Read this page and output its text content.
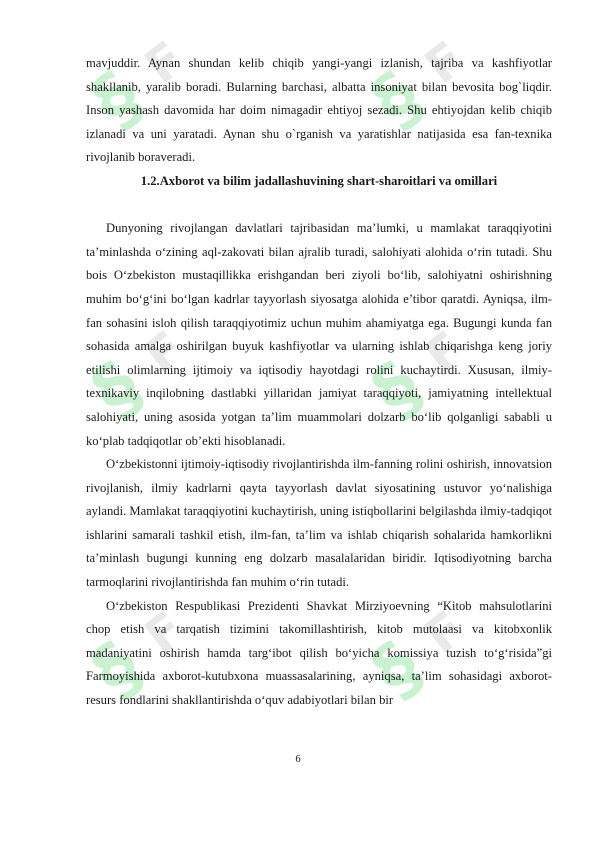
§
F §
F
§
F §
F
§
F §
F

mavjuddir. Aynan shundan kelib chiqib yangi-yangi izlanish, tajriba va kashfiyotlar shakllanib, yaralib boradi. Bularning barchasi, albatta insoniyat bilan bevosita bog`liqdir. Inson yashash davomida har doim nimagadir ehtiyoj sezadi. Shu ehtiyojdan kelib chiqib izlanadi va uni yaratadi. Aynan shu o`rganish va yaratishlar natijasida esa fan-texnika rivojlanib boraveradi.

1.2.Axborot va bilim jadallashuvining shart-sharoitlari va omillari

Dunyoning rivojlangan davlatlari tajribasidan ma’lumki, u mamlakat taraqqiyotini ta’minlashda o‘zining aql-zakovati bilan ajralib turadi, salohiyati alohida o‘rin tutadi. Shu bois O‘zbekiston mustaqillikka erishgandan beri ziyoli bo‘lib, salohiyatni oshirishning muhim bo‘g‘ini bo‘lgan kadrlar tayyorlash siyosatga alohida e’tibor qaratdi. Ayniqsa, ilm-fan sohasini isloh qilish taraqqiyotimiz uchun muhim ahamiyatga ega. Bugungi kunda fan sohasida amalga oshirilgan buyuk kashfiyotlar va ularning ishlab chiqarishga keng joriy etilishi olimlarning ijtimoiy va iqtisodiy hayotdagi rolini kuchaytirdi. Xususan, ilmiy-texnikaviy inqilobning dastlabki yillaridan jamiyat taraqqiyoti, jamiyatning intellektual salohiyati, uning asosida yotgan ta’lim muammolari dolzarb bo‘lib qolganligi sababli u ko‘plab tadqiqotlar ob’ekti hisoblanadi.

O‘zbekistonni ijtimoiy-iqtisodiy rivojlantirishda ilm-fanning rolini oshirish, innovatsion rivojlanish, ilmiy kadrlarni qayta tayyorlash davlat siyosatining ustuvor yo‘nalishiga aylandi. Mamlakat taraqqiyotini kuchaytirish, uning istiqbollarini belgilashda ilmiy-tadqiqot ishlarini samarali tashkil etish, ilm-fan, ta’lim va ishlab chiqarish sohalarida hamkorlikni ta’minlash bugungi kunning eng dolzarb masalalaridan biridir. Iqtisodiyotning barcha tarmoqlarini rivojlantirishda fan muhim o‘rin tutadi.

O‘zbekiston Respublikasi Prezidenti Shavkat Mirziyoevning “Kitob mahsulotlarini chop etish va tarqatish tizimini takomillashtirish, kitob mutolaasi va kitobxonlik madaniyatini oshirish hamda targ‘ibot qilish bo‘yicha komissiya tuzish to‘g‘risida”gi Farmoyishida axborot-kutubxona muassasalarining, ayniqsa, ta’lim sohasidagi axborot-resurs fondlarini shakllantirishda o‘quv adabiyotlari bilan bir

6
